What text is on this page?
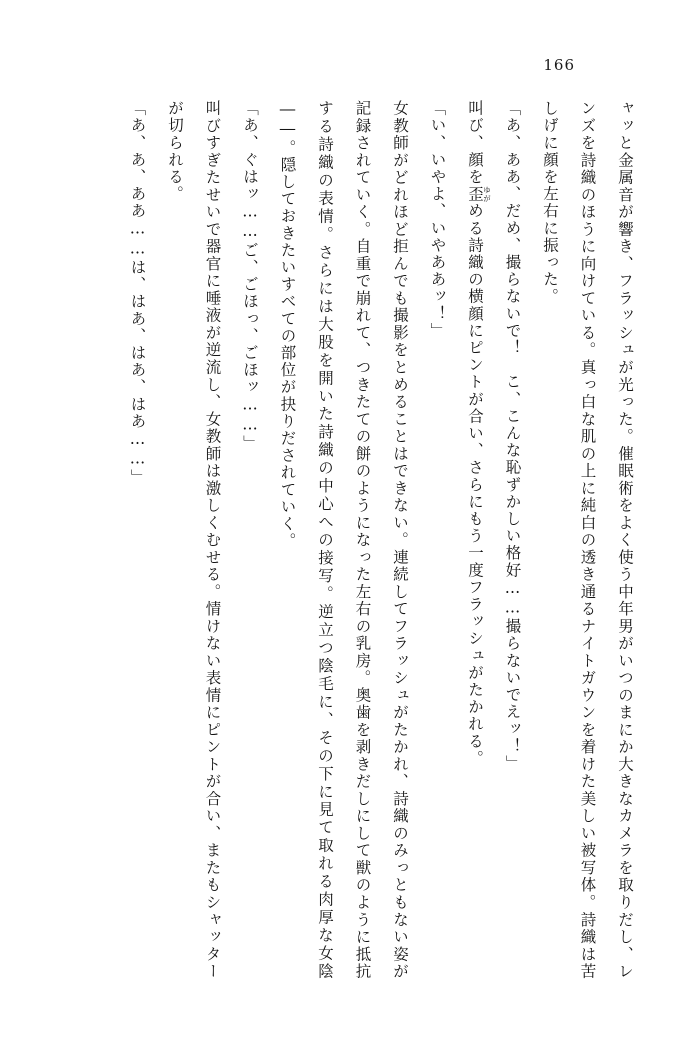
166

ャッと金属音が響き、フラッシュが光った。催眠術をよく使う中年男がいつのまにか大きなカメラを取りだし、レンズを詩織のほうに向けている。真っ白な肌の上に純白の透き通るナイトガウンを着けた美しい被写体。詩織は苦しげに顔を左右に振った。

「あ、ああ、だめ、撮らないで！　こ、こんな恥ずかしい格好……撮らないでえッ！」

叫び、顔を歪ゆがめる詩織の横顔にピントが合い、さらにもう一度フラッシュがたかれる。

「い、いやよ、いやああッ！」

女教師がどれほど拒んでも撮影をとめることはできない。連続してフラッシュがたかれ、詩織のみっともない姿が記録されていく。自重で崩れて、つきたての餅のようになった左右の乳房。奥歯を剥きだしにして獣のように抵抗する詩織の表情。さらには大股を開いた詩織の中心への接写。逆立つ陰毛に、その下に見て取れる肉厚な女陰――。隠しておきたいすべての部位が抉りだされていく。

「あ、ぐはッ……ご、ごほっ、ごほッ……」

叫びすぎたせいで器官に唾液が逆流し、女教師は激しくむせる。情けない表情にピントが合い、またもシャッターが切られる。

「あ、あ、ああ……は、はあ、はあ、はあ……」
